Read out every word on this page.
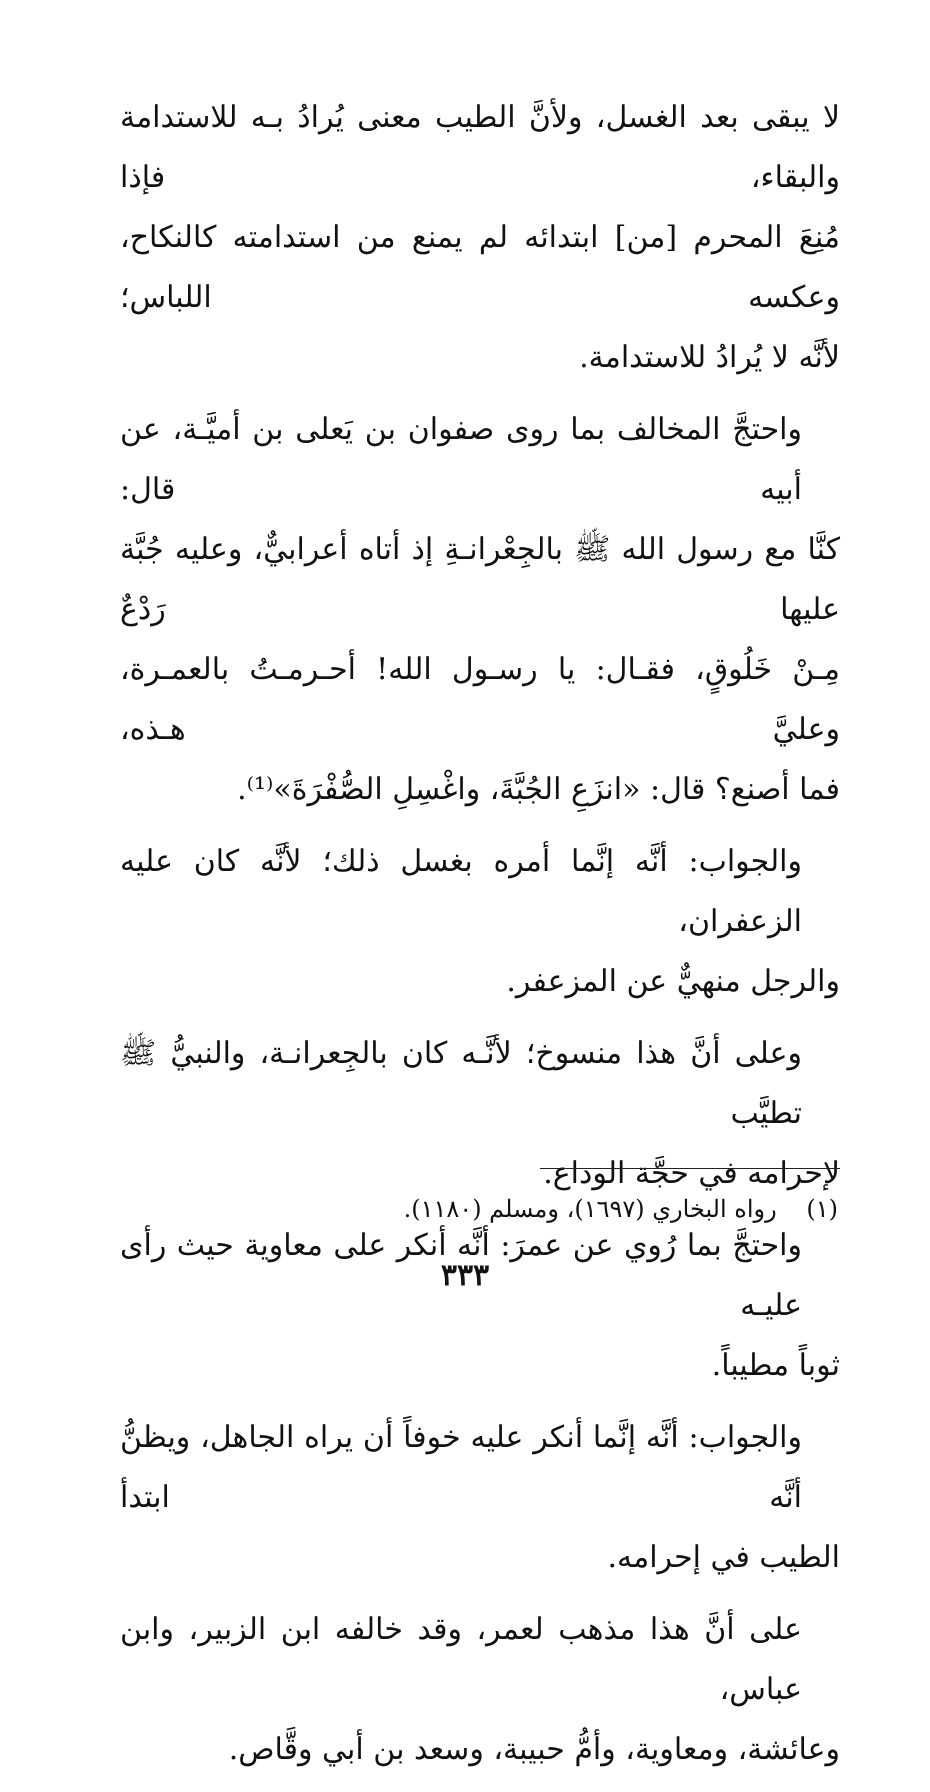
لا يبقى بعد الغسل، ولأنَّ الطيب معنى يُرادُ بـه للاستدامة والبقاء، فإذا
مُنِعَ المحرم [من] ابتدائه لم يمنع من استدامته كالنكاح، وعكسه اللباس؛
لأنَّه لا يُرادُ للاستدامة.

واحتجَّ المخالف بما روى صفوان بن يَعلى بن أميَّـة، عن أبيه قال:
كنَّا مع رسول الله ﷺ بالجِعْرانـةِ إذ أتاه أعرابيٌّ، وعليه جُبَّة عليها رَدْعٌ
مِـنْ خَلُوقٍ، فقـال: يا رسـول الله! أحـرمـتُ بالعمـرة، وعليَّ هـذه،
فما أصنع؟ قال: «انزَعِ الجُبَّةَ، واغْسِلِ الصُّفْرَةَ»⁽¹⁾.

والجواب: أنَّه إنَّما أمره بغسل ذلك؛ لأنَّه كان عليه الزعفران،
والرجل منهيٌّ عن المزعفر.

وعلى أنَّ هذا منسوخ؛ لأنَّـه كان بالجِعرانـة، والنبيُّ ﷺ تطيَّب
لإحرامه في حجَّة الوداع.

واحتجَّ بما رُوي عن عمرَ: أنَّه أنكر على معاوية حيث رأى عليـه
ثوباً مطيباً.

والجواب: أنَّه إنَّما أنكر عليه خوفاً أن يراه الجاهل، ويظنُّ أنَّه ابتدأ
الطيب في إحرامه.

على أنَّ هذا مذهب لعمر، وقد خالفه ابن الزبير، وابن عباس،
وعائشة، ومعاوية، وأمُّ حبيبة، وسعد بن أبي وقَّاص.

(١) رواه البخاري (١٦٩٧)، ومسلم (١١٨٠).
٣٣٣
